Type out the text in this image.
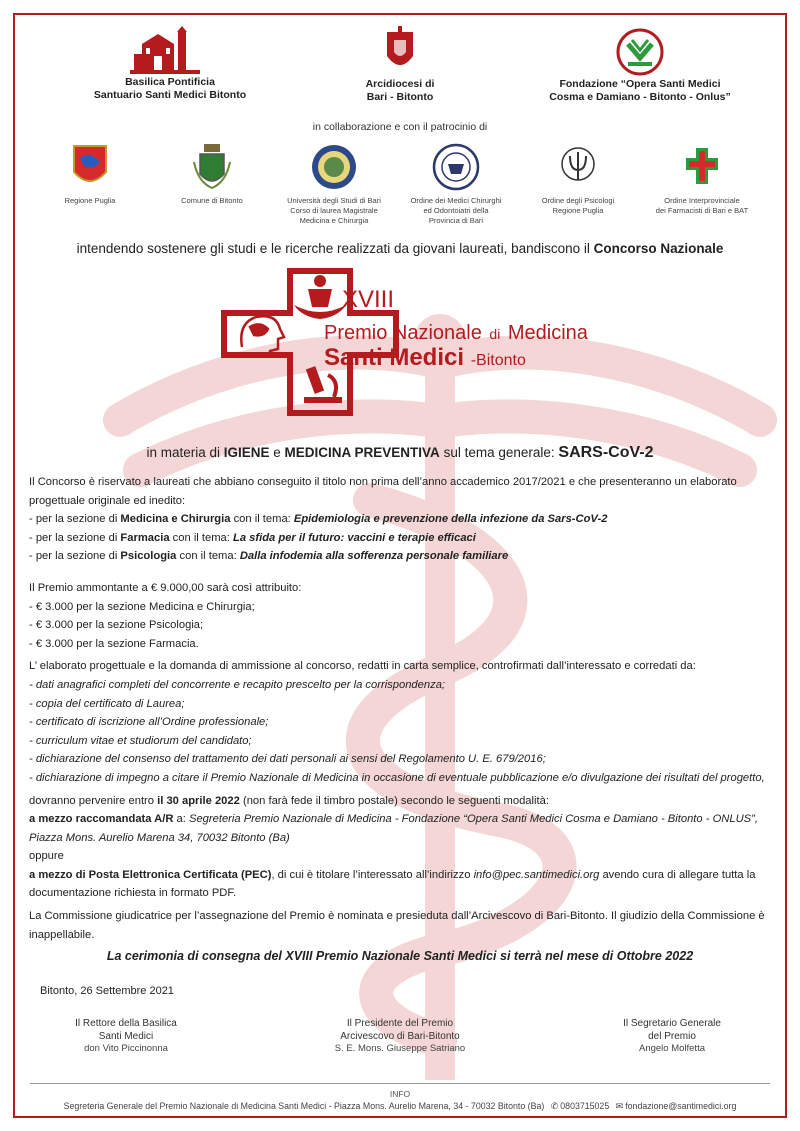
Basilica Pontificia
Santuario Santi Medici Bitonto
Arcidiocesi di
Bari - Bitonto
Fondazione “Opera Santi Medici
Cosma e Damiano - Bitonto - Onlus”
in collaborazione e con il patrocinio di
Regione Puglia	Comune di Bitonto	Università degli Studi di Bari
Corso di laurea Magistrale
Medicina e Chirurgia
Ordine dei Medici Chirurghi
ed Odontoiatri della
Provincia di Bari
Ordine degli Psicologi
Regione Puglia
Ordine Interprovinciale
dei Farmacisti di Bari e BAT
intendendo sostenere gli studi e le ricerche realizzati da giovani laureati, bandiscono il Concorso Nazionale
XVIII
Premio Nazionale di Medicina
Santi Medici -Bitonto
in materia di IGIENE e MEDICINA PREVENTIVA sul tema generale: SARS-CoV-2

Il Concorso è riservato a laureati che abbiano conseguito il titolo non prima dell’anno accademico 2017/2021 e che presenteranno un elaborato progettuale originale ed inedito:

- per la sezione di Medicina e Chirurgia con il tema: Epidemiologia e prevenzione della infezione da Sars-CoV-2

- per la sezione di Farmacia con il tema: La sfida per il futuro: vaccini e terapie efficaci

- per la sezione di Psicologia con il tema: Dalla infodemia alla sofferenza personale familiare

Il Premio ammontante a € 9.000,00 sarà così attribuito:

- € 3.000 per la sezione Medicina e Chirurgia;

- € 3.000 per la sezione Psicologia;

- € 3.000 per la sezione Farmacia.

L’ elaborato progettuale e la domanda di ammissione al concorso, redatti in carta semplice, controfirmati dall’interessato e corredati da:

- dati anagrafici completi del concorrente e recapito prescelto per la corrispondenza;

- copia del certificato di Laurea;

- certificato di iscrizione all’Ordine professionale;

- curriculum vitae et studiorum del candidato;

- dichiarazione del consenso del trattamento dei dati personali ai sensi del Regolamento U. E. 679/2016;

- dichiarazione di impegno a citare il Premio Nazionale di Medicina in occasione di eventuale pubblicazione e/o divulgazione dei risultati del progetto,

dovranno pervenire entro il 30 aprile 2022 (non farà fede il timbro postale) secondo le seguenti modalità:

a mezzo raccomandata A/R a: Segreteria Premio Nazionale di Medicina - Fondazione “Opera Santi Medici Cosma e Damiano - Bitonto - ONLUS”, Piazza Mons. Aurelio Marena 34, 70032 Bitonto (Ba)

oppure

a mezzo di Posta Elettronica Certificata (PEC), di cui è titolare l’interessato all’indirizzo info@pec.santimedici.org avendo cura di allegare tutta la documentazione richiesta in formato PDF.

La Commissione giudicatrice per l’assegnazione del Premio è nominata e presieduta dall’Arcivescovo di Bari-Bitonto. Il giudizio della Commissione è inappellabile.

La cerimonia di consegna del XVIII Premio Nazionale Santi Medici si terrà nel mese di Ottobre 2022
Bitonto, 26 Settembre 2021
Il Rettore della Basilica
Santi Medici
don Vito Piccinonna
Il Presidente del Premio
Arcivescovo di Bari-Bitonto
S. E. Mons. Giuseppe Satriano
Il Segretario Generale
del Premio
Angelo Molfetta
INFO
Segreteria Generale del Premio Nazionale di Medicina Santi Medici - Piazza Mons. Aurelio Marena, 34 - 70032 Bitonto (Ba) ✆ 0803715025 ✉ fondazione@santimedici.org
